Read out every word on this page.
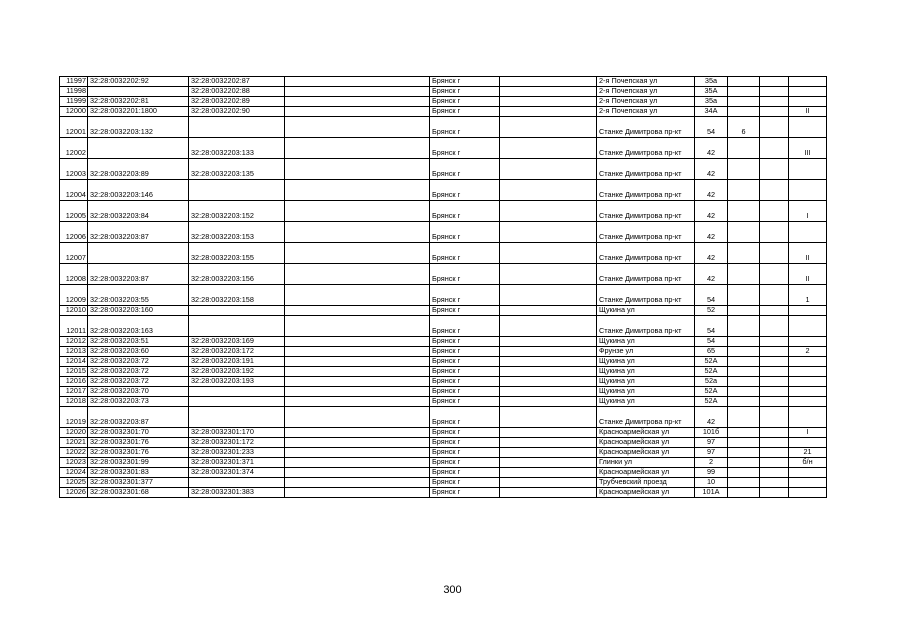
11997	32:28:0032202:92	32:28:0032202:87		Брянск г		2-я Почепская ул	35а			
11998		32:28:0032202:88		Брянск г		2-я Почепская ул	35А			
11999	32:28:0032202:81	32:28:0032202:89		Брянск г		2-я Почепская ул	35а			
12000	32:28:0032201:1800	32:28:0032202:90		Брянск г		2-я Почепская ул	34А			II
12001	32:28:0032203:132			Брянск г		Станке Димитрова пр-кт	54	6		
12002		32:28:0032203:133		Брянск г		Станке Димитрова пр-кт	42			III
12003	32:28:0032203:89	32:28:0032203:135		Брянск г		Станке Димитрова пр-кт	42			
12004	32:28:0032203:146			Брянск г		Станке Димитрова пр-кт	42			
12005	32:28:0032203:84	32:28:0032203:152		Брянск г		Станке Димитрова пр-кт	42			I
12006	32:28:0032203:87	32:28:0032203:153		Брянск г		Станке Димитрова пр-кт	42			
12007		32:28:0032203:155		Брянск г		Станке Димитрова пр-кт	42			II
12008	32:28:0032203:87	32:28:0032203:156		Брянск г		Станке Димитрова пр-кт	42			II
12009	32:28:0032203:55	32:28:0032203:158		Брянск г		Станке Димитрова пр-кт	54			1
12010	32:28:0032203:160			Брянск г		Щукина ул	52			
12011	32:28:0032203:163			Брянск г		Станке Димитрова пр-кт	54			
12012	32:28:0032203:51	32:28:0032203:169		Брянск г		Щукина ул	54			
12013	32:28:0032203:60	32:28:0032203:172		Брянск г		Фрунзе ул	65			2
12014	32:28:0032203:72	32:28:0032203:191		Брянск г		Щукина ул	52А			
12015	32:28:0032203:72	32:28:0032203:192		Брянск г		Щукина ул	52А			
12016	32:28:0032203:72	32:28:0032203:193		Брянск г		Щукина ул	52а			
12017	32:28:0032203:70			Брянск г		Щукина ул	52А			
12018	32:28:0032203:73			Брянск г		Щукина ул	52А			
12019	32:28:0032203:87			Брянск г		Станке Димитрова пр-кт	42			
12020	32:28:0032301:70	32:28:0032301:170		Брянск г		Красноармейская ул	101б			I
12021	32:28:0032301:76	32:28:0032301:172		Брянск г		Красноармейская ул	97			
12022	32:28:0032301:76	32:28:0032301:233		Брянск г		Красноармейская ул	97			21
12023	32:28:0032301:99	32:28:0032301:371		Брянск г		Глинки ул	2			б/н
12024	32:28:0032301:83	32:28:0032301:374		Брянск г		Красноармейская ул	99			
12025	32:28:0032301:377			Брянск г		Трубчевский проезд	10			
12026	32:28:0032301:68	32:28:0032301:383		Брянск г		Красноармейская ул	101А			
300
